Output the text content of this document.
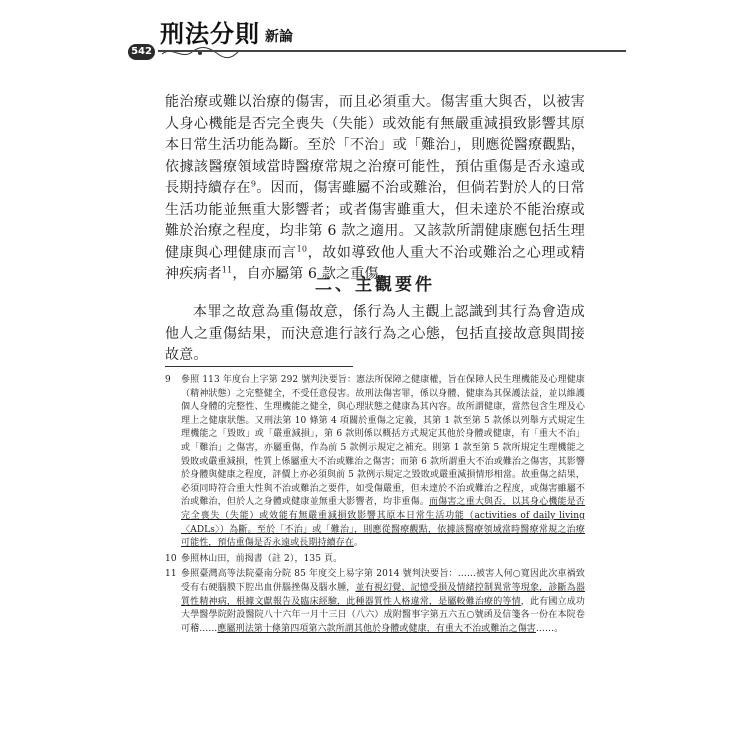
542
刑法分則 新論

能治療或難以治療的傷害，而且必須重大。傷害重大與否，以被害人身心機能是否完全喪失（失能）或效能有無嚴重減損致影響其原本日常生活功能為斷。至於「不治」或「難治」，則應從醫療觀點，依據該醫療領域當時醫療常規之治療可能性，預估重傷是否永遠或長期持續存在$^9$。因而，傷害雖屬不治或難治，但倘若對於人的日常生活功能並無重大影響者；或者傷害雖重大，但未達於不能治療或難於治療之程度，均非第 6 款之適用。又該款所謂健康應包括生理健康與心理健康而言$^{10}$，故如導致他人重大不治或難治之心理或精神疾病者$^{11}$，自亦屬第 6 款之重傷。

二、主觀要件

本罪之故意為重傷故意，係行為人主觀上認識到其行為會造成他人之重傷結果，而決意進行該行為之心態，包括直接故意與間接故意。

9 參照 113 年度台上字第 292 號判決要旨：憲法所保障之健康權，旨在保障人民生理機能及心理健康（精神狀態）之完整健全，不受任意侵害。故刑法傷害罪，係以身體、健康為其保護法益，並以維護個人身體的完整性、生理機能之健全，與心理狀態之健康為其內容。故所謂健康，當然包含生理及心理上之健康狀態。又刑法第 10 條第 4 項關於重傷之定義，其第 1 款至第 5 款係以列舉方式規定生理機能之「毀敗」或「嚴重減損」，第 6 款則係以概括方式規定其他於身體或健康，有「重大不治」或「難治」之傷害，亦屬重傷，作為前 5 款例示規定之補充。則第 1 款至第 5 款所規定生理機能之毀敗或嚴重減損，性質上係屬重大不治或難治之傷害；而第 6 款所謂重大不治或難治之傷害，其影響於身體與健康之程度，評價上亦必須與前 5 款例示規定之毀敗或嚴重減損情形相當。故重傷之結果，必須同時符合重大性與不治或難治之要件，如受傷嚴重，但未達於不治或難治之程度，或傷害雖屬不治或難治，但於人之身體或健康並無重大影響者，均非重傷。而傷害之重大與否，以其身心機能是否完全喪失（失能）或效能有無嚴重減損致影響其原本日常生活功能（activities of daily living〈ADLs〉）為斷。至於「不治」或「難治」，則應從醫療觀點，依據該醫療領域當時醫療常規之治療可能性，預估重傷是否永遠或長期持續存在。

10 參照林山田，前揭書（註 2），135 頁。

11 參照臺灣高等法院臺南分院 85 年度交上易字第 2014 號判決要旨：……被害人何○寬因此次車禍致受有右硬腦膜下腔出血併腦挫傷及腦水腫，並有視幻覺、記憶受損及情緒控制異常等現象，診斷為器質性精神病，根據文獻報告及臨床經驗，此種器質性人格違常，是屬較難治療的等情，此有國立成功大學醫學院附設醫院八十六年一月十三日（八六）成附醫事字第五六五○號函及信箋各一份在本院卷可稽……應屬刑法第十條第四項第六款所謂其他於身體或健康，有重大不治或難治之傷害……。
